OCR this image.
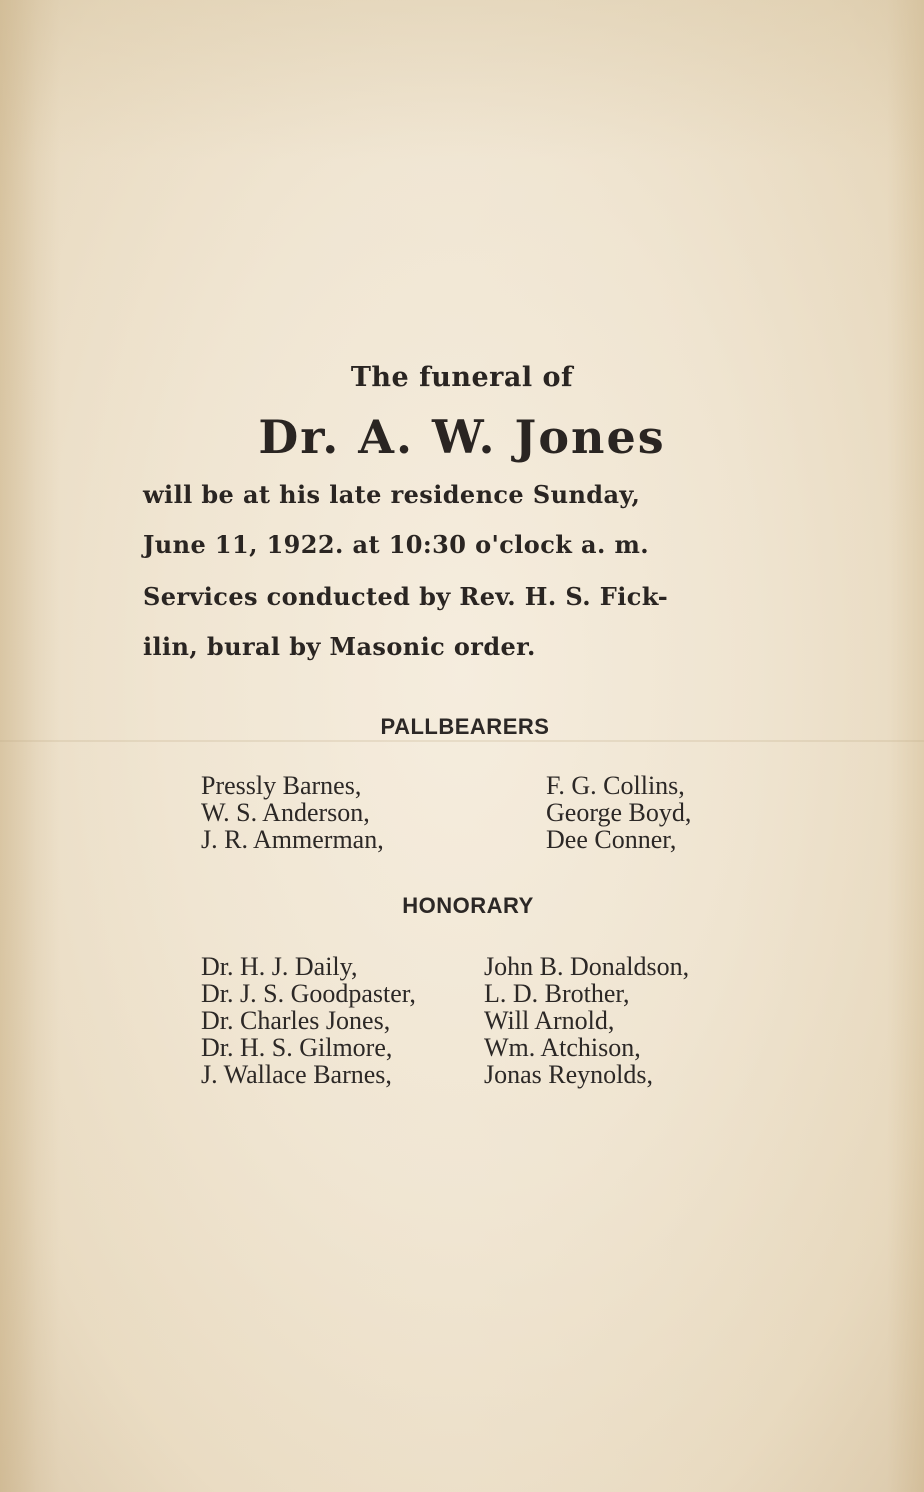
The funeral of
Dr. A. W. Jones
will be at his late residence Sunday,
June 11, 1922. at 10:30 o'clock a. m.
Services conducted by Rev. H. S. Fick-
ilin, bural by Masonic order.
PALLBEARERS
Pressly Barnes,
W. S. Anderson,
J. R. Ammerman,
F. G. Collins,
George Boyd,
Dee Conner,
HONORARY
Dr. H. J. Daily,
Dr. J. S. Goodpaster,
Dr. Charles Jones,
Dr. H. S. Gilmore,
J. Wallace Barnes,
John B. Donaldson,
L. D. Brother,
Will Arnold,
Wm. Atchison,
Jonas Reynolds,
